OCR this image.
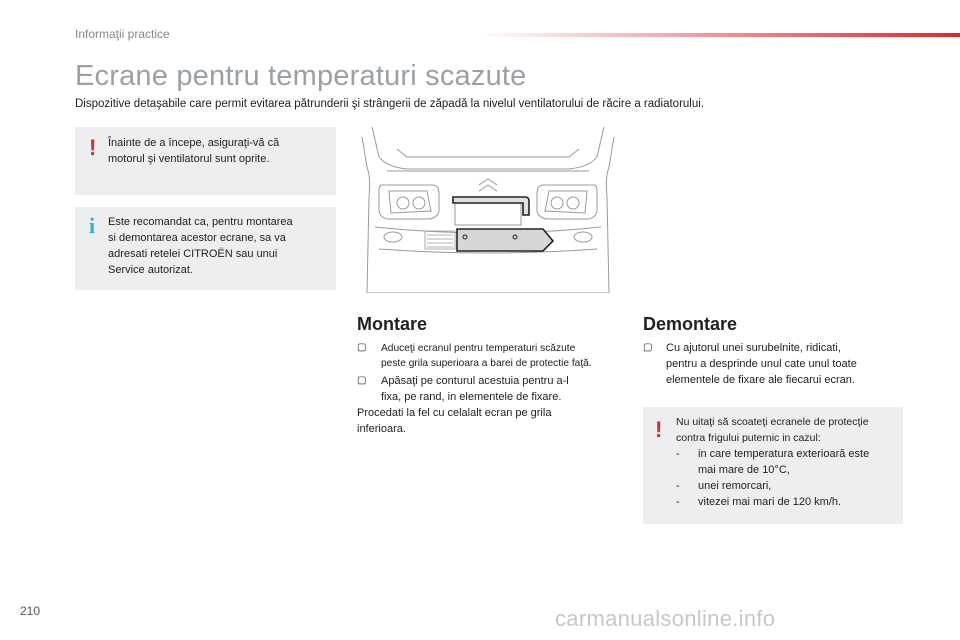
Informaţii practice
Ecrane pentru temperaturi scazute
Dispozitive detaşabile care permit evitarea pătrunderii şi strângerii de zăpadă la nivelul ventilatorului de răcire a radiatorului.
! Înainte de a începe, asiguraţi-vă că
motorul şi ventilatorul sunt oprite.
i Este recomandat ca, pentru montarea
si demontarea acestor ecrane, sa va
adresati retelei CITROËN sau unui
Service autorizat.
Montare
▢ Aduceţi ecranul pentru temperaturi scăzute
peste grila superioara a barei de protectie faţă.
▢ Apăsaţi pe conturul acestuia pentru a-l
fixa, pe rand, in elementele de fixare.
Procedati la fel cu celalalt ecran pe grila
inferioara.
Demontare
▢ Cu ajutorul unei surubelnite, ridicati,
pentru a desprinde unul cate unul toate
elementele de fixare ale fiecarui ecran.
! Nu uitaţi să scoateţi ecranele de protecţie
contra frigului puternic in cazul:
- in care temperatura exterioară este
mai mare de 10°C,
- unei remorcari,
- vitezei mai mari de 120 km/h.
210	carmanualsonline.info
